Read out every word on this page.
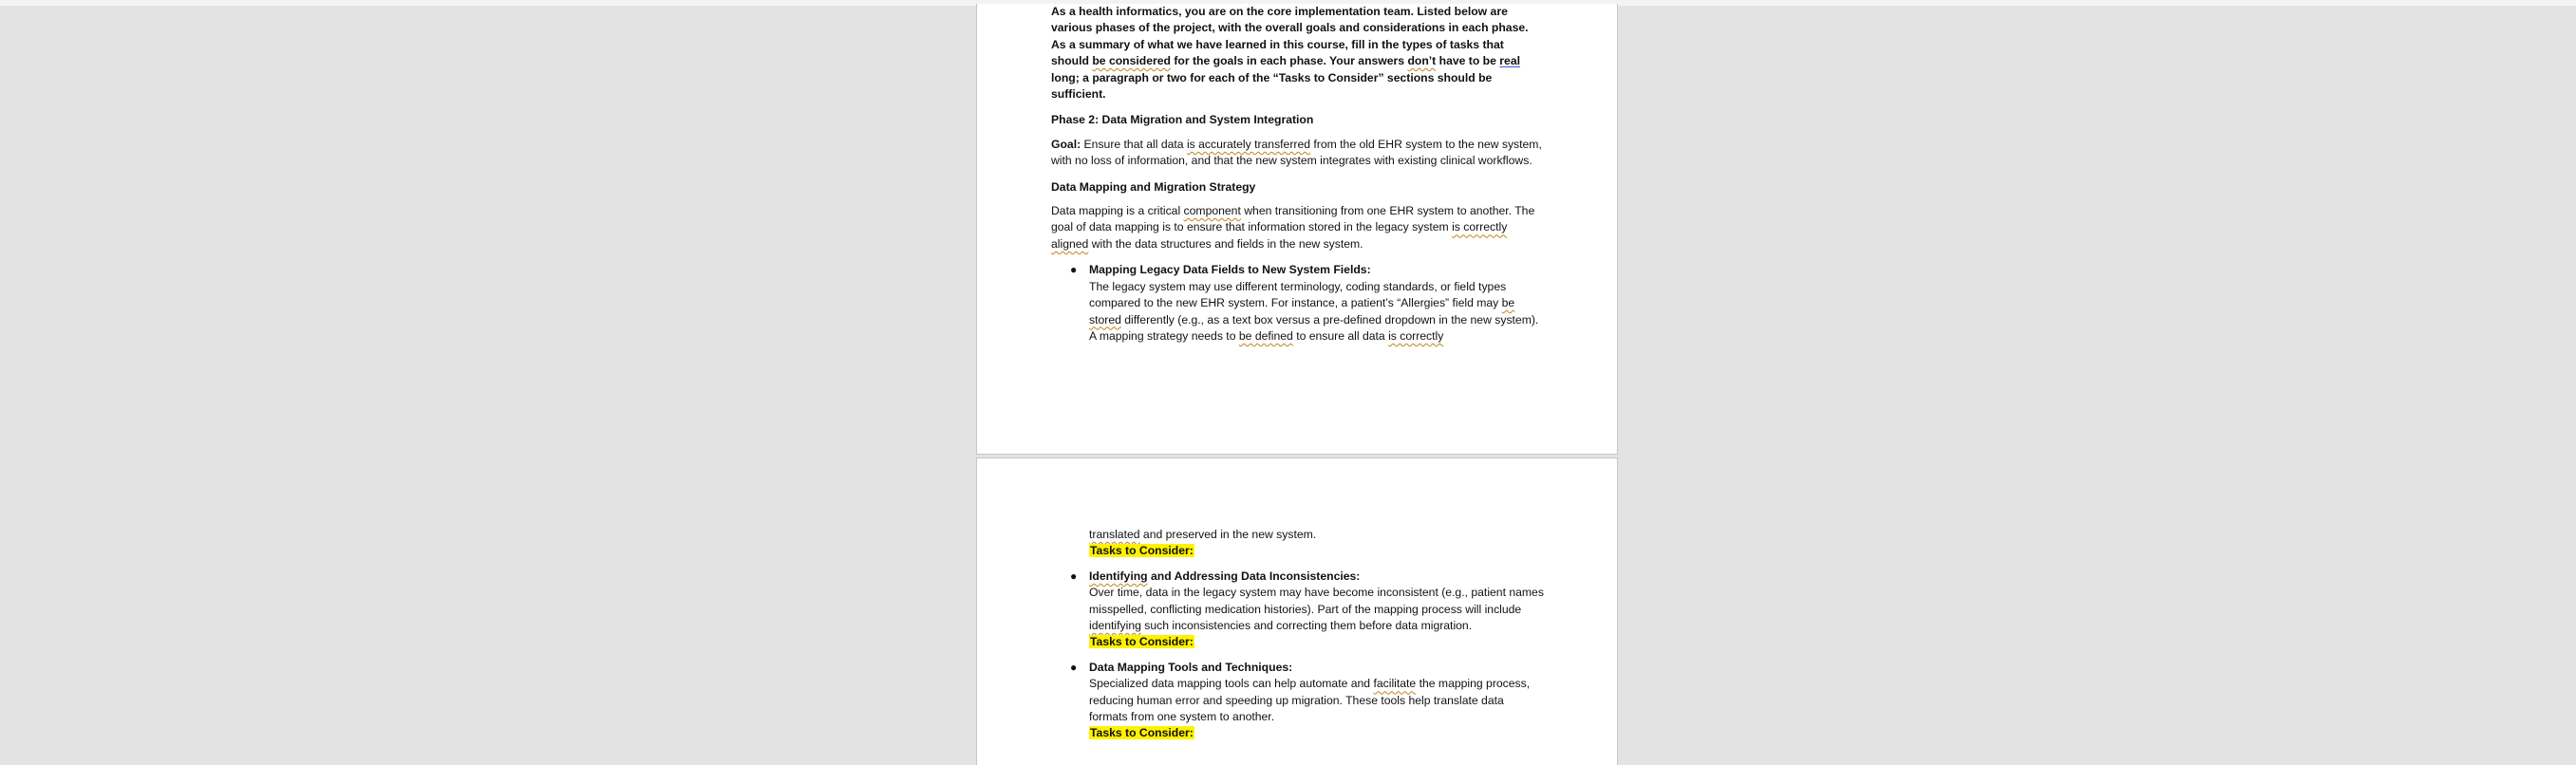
As a health informatics, you are on the core implementation team. Listed below are various phases of the project, with the overall goals and considerations in each phase. As a summary of what we have learned in this course, fill in the types of tasks that should be considered for the goals in each phase. Your answers don’t have to be real long; a paragraph or two for each of the “Tasks to Consider” sections should be sufficient.

Phase 2: Data Migration and System Integration

Goal: Ensure that all data is accurately transferred from the old EHR system to the new system, with no loss of information, and that the new system integrates with existing clinical workflows.

Data Mapping and Migration Strategy

Data mapping is a critical component when transitioning from one EHR system to another. The goal of data mapping is to ensure that information stored in the legacy system is correctly aligned with the data structures and fields in the new system.

● Mapping Legacy Data Fields to New System Fields:
The legacy system may use different terminology, coding standards, or field types compared to the new EHR system. For instance, a patient’s “Allergies” field may be stored differently (e.g., as a text box versus a pre-defined dropdown in the new system). A mapping strategy needs to be defined to ensure all data is correctly
translated and preserved in the new system.
Tasks to Consider:
● Identifying and Addressing Data Inconsistencies:
Over time, data in the legacy system may have become inconsistent (e.g., patient names misspelled, conflicting medication histories). Part of the mapping process will include identifying such inconsistencies and correcting them before data migration.
Tasks to Consider:
● Data Mapping Tools and Techniques:
Specialized data mapping tools can help automate and facilitate the mapping process, reducing human error and speeding up migration. These tools help translate data formats from one system to another.
Tasks to Consider:
